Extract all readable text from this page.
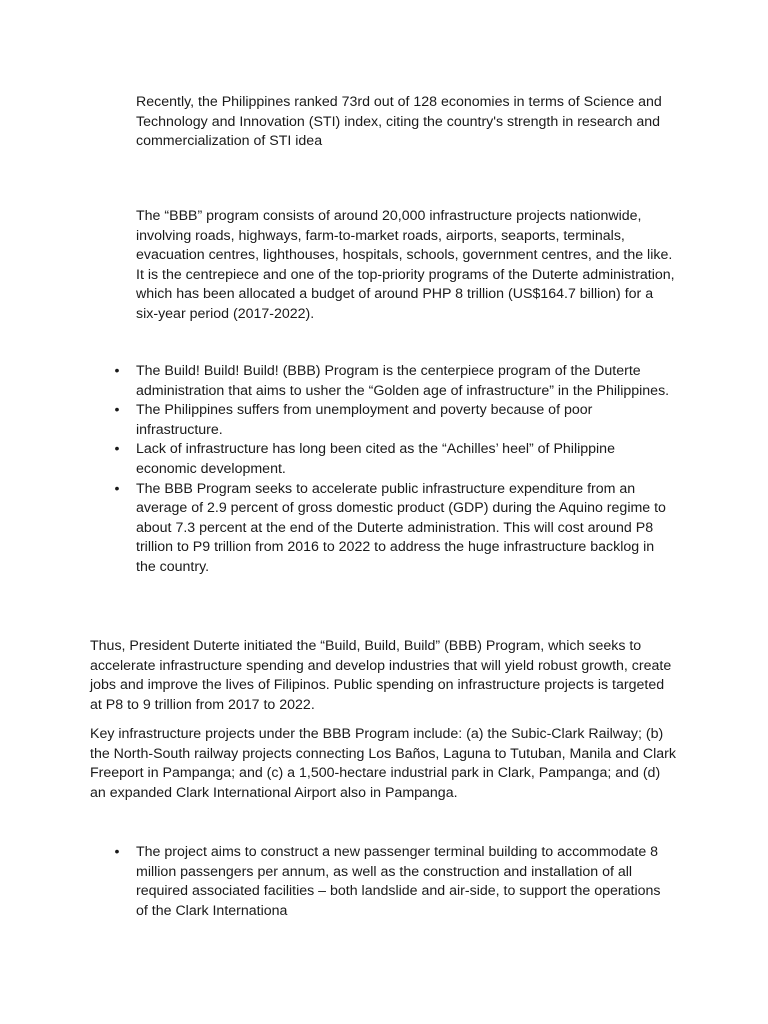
Recently, the Philippines ranked 73rd out of 128 economies in terms of Science and Technology and Innovation (STI) index, citing the country's strength in research and commercialization of STI idea

The “BBB” program consists of around 20,000 infrastructure projects nationwide, involving roads, highways, farm-to-market roads, airports, seaports, terminals, evacuation centres, lighthouses, hospitals, schools, government centres, and the like. It is the centrepiece and one of the top-priority programs of the Duterte administration, which has been allocated a budget of around PHP 8 trillion (US$164.7 billion) for a six-year period (2017-2022).

• The Build! Build! Build! (BBB) Program is the centerpiece program of the Duterte administration that aims to usher the “Golden age of infrastructure” in the Philippines.
• The Philippines suffers from unemployment and poverty because of poor infrastructure.
• Lack of infrastructure has long been cited as the “Achilles’ heel” of Philippine economic development.
• The BBB Program seeks to accelerate public infrastructure expenditure from an average of 2.9 percent of gross domestic product (GDP) during the Aquino regime to about 7.3 percent at the end of the Duterte administration. This will cost around P8 trillion to P9 trillion from 2016 to 2022 to address the huge infrastructure backlog in the country.

Thus, President Duterte initiated the “Build, Build, Build” (BBB) Program, which seeks to accelerate infrastructure spending and develop industries that will yield robust growth, create jobs and improve the lives of Filipinos. Public spending on infrastructure projects is targeted at P8 to 9 trillion from 2017 to 2022.

Key infrastructure projects under the BBB Program include: (a) the Subic-Clark Railway; (b) the North-South railway projects connecting Los Baños, Laguna to Tutuban, Manila and Clark Freeport in Pampanga; and (c) a 1,500-hectare industrial park in Clark, Pampanga; and (d) an expanded Clark International Airport also in Pampanga.

• The project aims to construct a new passenger terminal building to accommodate 8 million passengers per annum, as well as the construction and installation of all required associated facilities – both landslide and air-side, to support the operations of the Clark Internationa
